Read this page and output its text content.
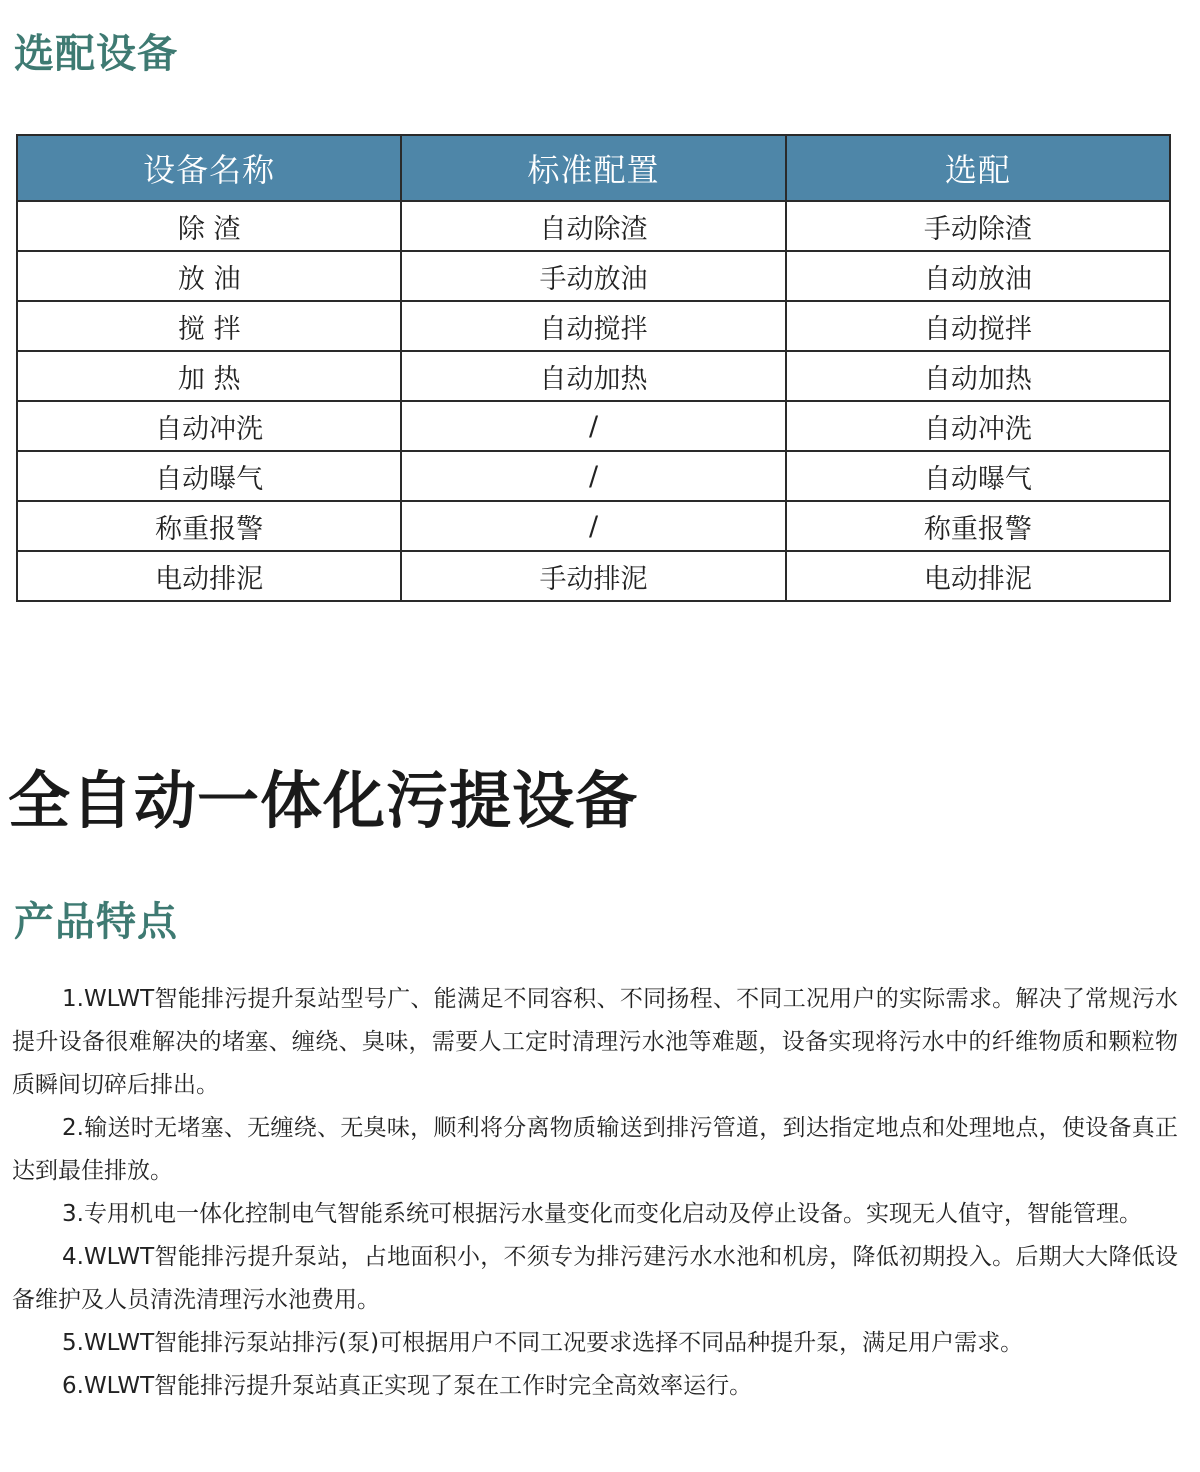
选配设备
设备名称	标准配置	选配
除 渣	自动除渣	手动除渣
放 油	手动放油	自动放油
搅 拌	自动搅拌	自动搅拌
加 热	自动加热	自动加热
自动冲洗	/	自动冲洗
自动曝气	/	自动曝气
称重报警	/	称重报警
电动排泥	手动排泥	电动排泥
全自动一体化污提设备
产品特点

1.WLWT智能排污提升泵站型号广、能满足不同容积、不同扬程、不同工况用户的实际需求。解决了常规污水提升设备很难解决的堵塞、缠绕、臭味，需要人工定时清理污水池等难题，设备实现将污水中的纤维物质和颗粒物质瞬间切碎后排出。

2.输送时无堵塞、无缠绕、无臭味，顺利将分离物质输送到排污管道，到达指定地点和处理地点，使设备真正达到最佳排放。

3.专用机电一体化控制电气智能系统可根据污水量变化而变化启动及停止设备。实现无人值守，智能管理。

4.WLWT智能排污提升泵站，占地面积小，不须专为排污建污水水池和机房，降低初期投入。后期大大降低设备维护及人员清洗清理污水池费用。

5.WLWT智能排污泵站排污(泵)可根据用户不同工况要求选择不同品种提升泵，满足用户需求。

6.WLWT智能排污提升泵站真正实现了泵在工作时完全高效率运行。
